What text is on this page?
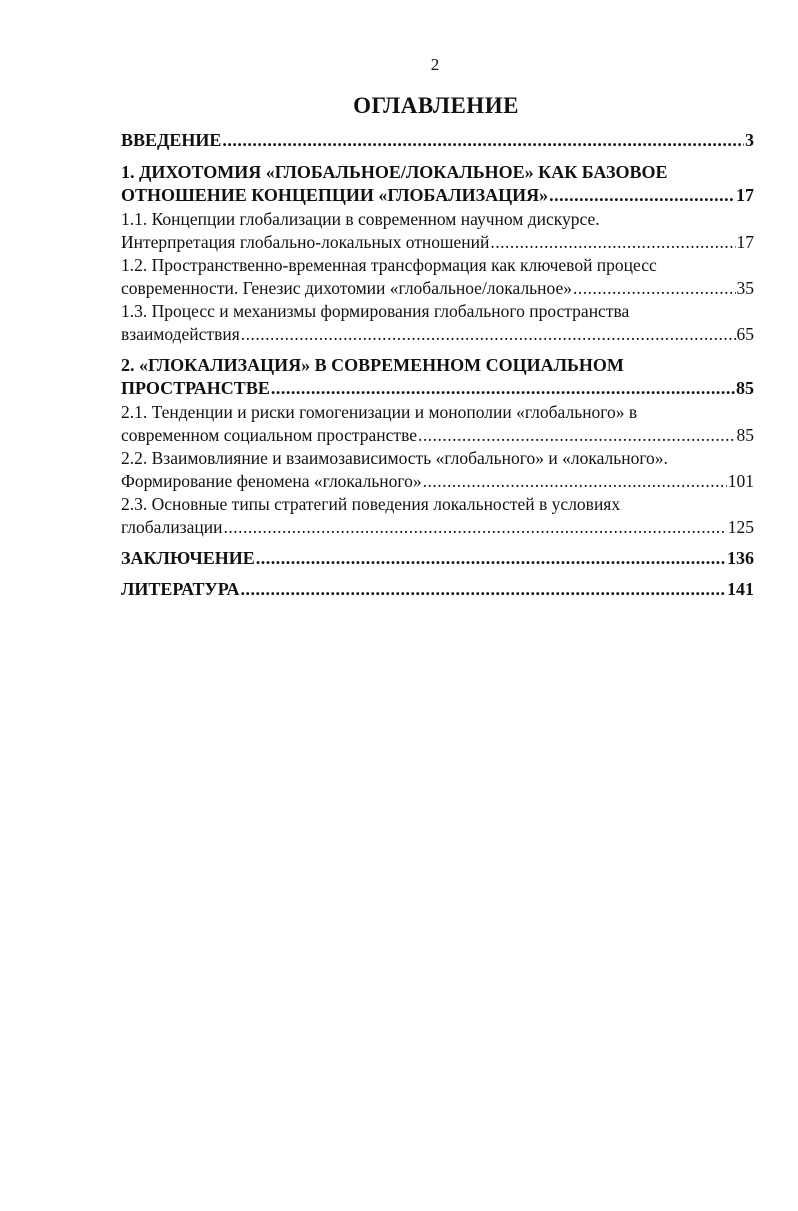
2
ОГЛАВЛЕНИЕ
ВВЕДЕНИЕ .....	3
1. ДИХОТОМИЯ «ГЛОБАЛЬНОЕ/ЛОКАЛЬНОЕ» КАК БАЗОВОЕ
ОТНОШЕНИЕ КОНЦЕПЦИИ «ГЛОБАЛИЗАЦИЯ» .....	17
1.1. Концепции глобализации в современном научном дискурсе.
Интерпретация глобально-локальных отношений .....	17
1.2. Пространственно-временная трансформация как ключевой процесс
современности. Генезис дихотомии «глобальное/локальное» .....	35
1.3. Процесс и механизмы формирования глобального пространства
взаимодействия .....	65
2. «ГЛОКАЛИЗАЦИЯ» В СОВРЕМЕННОМ СОЦИАЛЬНОМ
ПРОСТРАНСТВЕ .....	85
2.1. Тенденции и риски гомогенизации и монополии «глобального» в
современном социальном пространстве .....	85
2.2. Взаимовлияние и взаимозависимость «глобального» и «локального».
Формирование феномена «глокального» .....	101
2.3. Основные типы стратегий поведения локальностей в условиях
глобализации .....	125
ЗАКЛЮЧЕНИЕ .....	136
ЛИТЕРАТУРА .....	141
